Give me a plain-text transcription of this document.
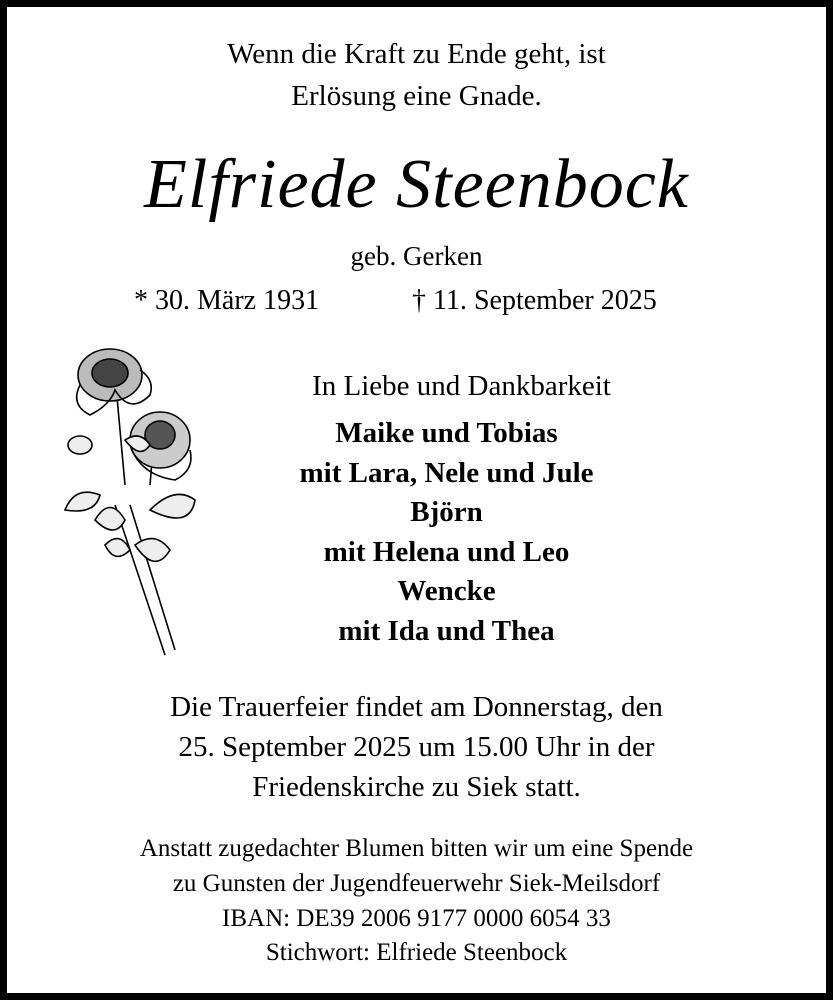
Wenn die Kraft zu Ende geht, ist
Erlösung eine Gnade.
Elfriede Steenbock
geb. Gerken
* 30. März 1931	† 11. September 2025
In Liebe und Dankbarkeit
Maike und Tobias
mit Lara, Nele und Jule
Björn
mit Helena und Leo
Wencke
mit Ida und Thea
Die Trauerfeier findet am Donnerstag, den
25. September 2025 um 15.00 Uhr in der
Friedenskirche zu Siek statt.
Anstatt zugedachter Blumen bitten wir um eine Spende
zu Gunsten der Jugendfeuerwehr Siek-Meilsdorf
IBAN: DE39 2006 9177 0000 6054 33
Stichwort: Elfriede Steenbock
